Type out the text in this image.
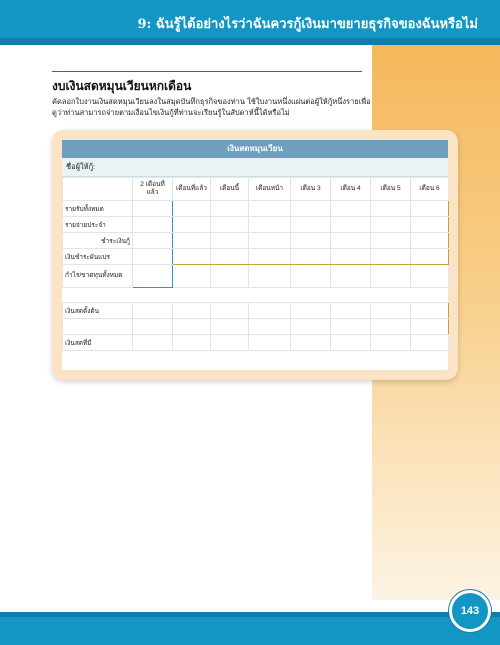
9: ฉันรู้ได้อย่างไรว่าฉันควรกู้เงินมาขยายธุรกิจของฉันหรือไม่
งบเงินสดหมุนเวียนหกเดือน
คัดลอกใบงานเงินสดหมุนเวียนลงในสมุดบันทึกธุรกิจของท่าน ใช้ใบงานหนึ่งแผ่นต่อผู้ให้กู้หนึ่งรายเพื่อดูว่าท่านสามารถจ่ายตามเงื่อนไขเงินกู้ที่ท่านจะเรียนรู้ในสัปดาห์นี้ได้หรือไม่
เงินสดหมุนเวียน
ชื่อผู้ให้กู้:
	2 เดือนที่แล้ว	เดือนที่แล้ว	เดือนนี้	เดือนหน้า	เดือน 3	เดือน 4	เดือน 5	เดือน 6
รายรับทั้งหมด								
รายจ่ายประจำ								
ชำระเงินกู้								
เงินชำระผันแปร								
กำไร/ขาดทุนทั้งหมด								

เงินสดตั้งต้น								

เงินสดที่มี								
143
